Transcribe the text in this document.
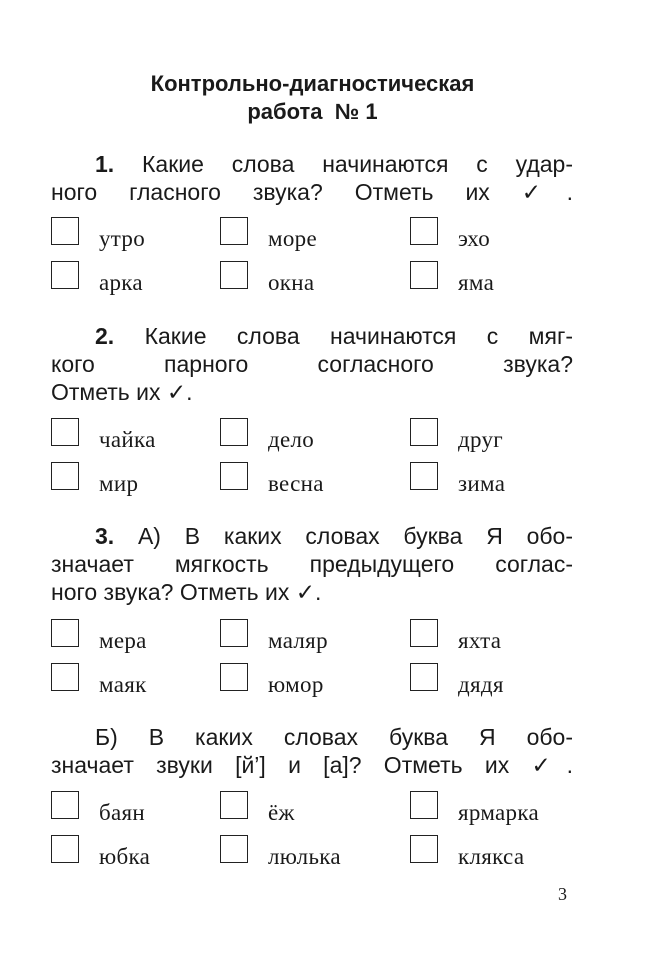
Контрольно-диагностическая
работа  № 1
1. Какие слова начинаются с удар-
ного гласного звука? Отметь их ✓.
утро	море	эхо
арка	окна	яма
2. Какие слова начинаются с мяг-
кого парного согласного звука?
Отметь их ✓.
чайка	дело	друг
мир	весна	зима
3. А) В каких словах буква Я обо-
значает мягкость предыдущего соглас-
ного звука? Отметь их ✓.
мера	маляр	яхта
маяк	юмор	дядя
Б) В каких словах буква Я обо-
значает звуки [й’] и [а]? Отметь их ✓.
баян	ёж	ярмарка
юбка	люлька	клякса
3
